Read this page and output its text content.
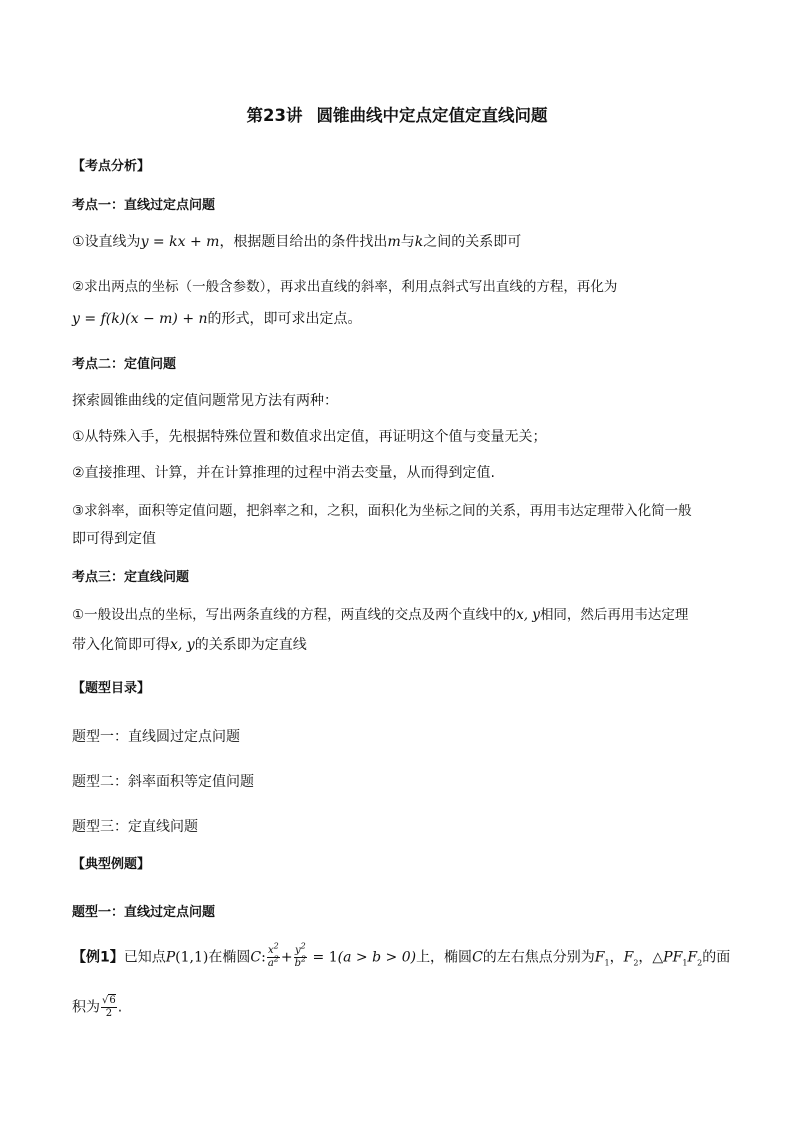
第23讲 圆锥曲线中定点定值定直线问题
【考点分析】
考点一：直线过定点问题
①设直线为y = kx + m，根据题目给出的条件找出m与k之间的关系即可
②求出两点的坐标（一般含参数），再求出直线的斜率，利用点斜式写出直线的方程，再化为
y = f(k)(x − m) + n的形式，即可求出定点。
考点二：定值问题
探索圆锥曲线的定值问题常见方法有两种：
①从特殊入手，先根据特殊位置和数值求出定值，再证明这个值与变量无关；
②直接推理、计算，并在计算推理的过程中消去变量，从而得到定值.
③求斜率，面积等定值问题，把斜率之和，之积，面积化为坐标之间的关系，再用韦达定理带入化简一般
即可得到定值
考点三：定直线问题
①一般设出点的坐标，写出两条直线的方程，两直线的交点及两个直线中的x, y相同，然后再用韦达定理
带入化简即可得x, y的关系即为定直线
【题型目录】
题型一：直线圆过定点问题
题型二：斜率面积等定值问题
题型三：定直线问题
【典型例题】
题型一：直线过定点问题
【例1】已知点P(1,1)在椭圆C: $\frac{x^2}{a^2} + \frac{y^2}{b^2} = 1(a > b > 0)$上，椭圆C的左右焦点分别为$F_1$，$F_2$，$\triangle PF_1F_2$的面
积为 $\frac{√6}{2}$ .
